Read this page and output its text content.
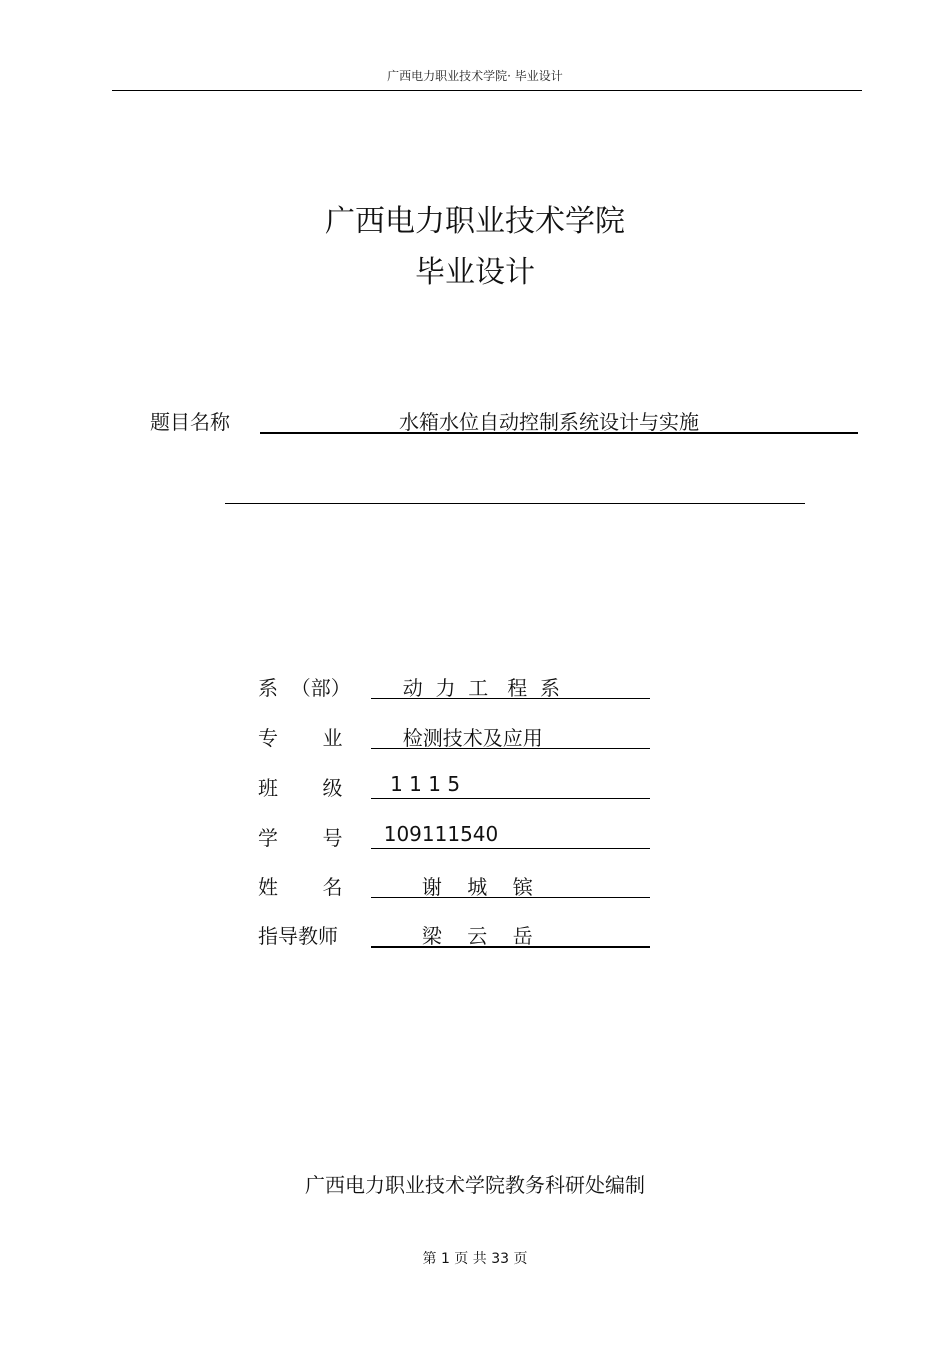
广西电力职业技术学院· 毕业设计
广西电力职业技术学院
毕业设计
题目名称	水箱水位自动控制系统设计与实施
系  （部） 动  力  工   程  系
专       业 检测技术及应用
班       级 1 1 1 5
学       号 109111540
姓       名 谢    城    镔
指导教师 梁    云    岳
广西电力职业技术学院教务科研处编制
第 1 页 共 33 页
